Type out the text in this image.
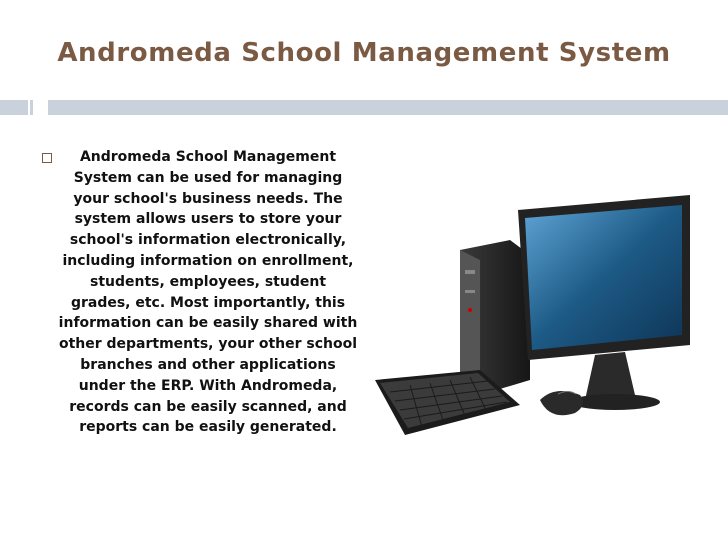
Andromeda School Management System

Andromeda School Management System can be used for managing your school's business needs. The system allows users to store your school's information electronically, including information on enrollment, students, employees, student grades, etc. Most importantly, this information can be easily shared with other departments, your other school branches and other applications under the ERP. With Andromeda, records can be easily scanned, and reports can be easily generated.
